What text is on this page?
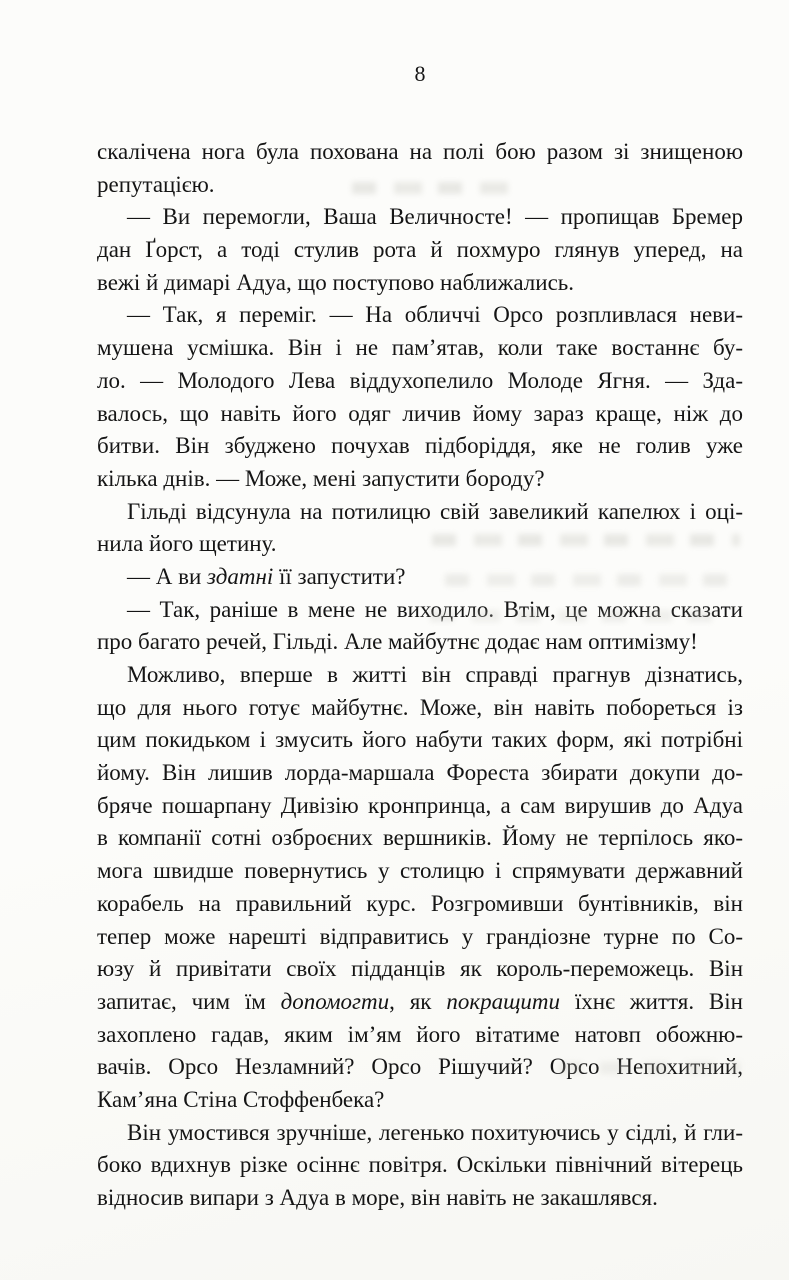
8
скалічена нога була похована на полі бою разом зі знищеною
репутацією.
— Ви перемогли, Ваша Величносте! — пропищав Бремер
дан Ґорст, а тоді стулив рота й похмуро глянув уперед, на
вежі й димарі Адуа, що поступово наближались.
— Так, я переміг. — На обличчі Орсо розпливлася неви-
мушена усмішка. Він і не пам’ятав, коли таке востаннє бу-
ло. — Молодого Лева віддухопелило Молоде Ягня. — Зда-
валось, що навіть його одяг личив йому зараз краще, ніж до
битви. Він збуджено почухав підборіддя, яке не голив уже
кілька днів. — Може, мені запустити бороду?
Гільді відсунула на потилицю свій завеликий капелюх і оці-
нила його щетину.
— А ви здатні її запустити?
— Так, раніше в мене не виходило. Втім, це можна сказати
про багато речей, Гільді. Але майбутнє додає нам оптимізму!
Можливо, вперше в житті він справді прагнув дізнатись,
що для нього готує майбутнє. Може, він навіть побореться із
цим покидьком і змусить його набути таких форм, які потрібні
йому. Він лишив лорда-маршала Фореста збирати докупи до-
бряче пошарпану Дивізію кронпринца, а сам вирушив до Адуа
в компанії сотні озброєних вершників. Йому не терпілось яко-
мога швидше повернутись у столицю і спрямувати державний
корабель на правильний курс. Розгромивши бунтівників, він
тепер може нарешті відправитись у грандіозне турне по Со-
юзу й привітати своїх підданців як король-переможець. Він
запитає, чим їм допомогти, як покращити їхнє життя. Він
захоплено гадав, яким ім’ям його вітатиме натовп обожню-
вачів. Орсо Незламний? Орсо Рішучий? Орсо Непохитний,
Кам’яна Стіна Стоффенбека?
Він умостився зручніше, легенько похитуючись у сідлі, й гли-
боко вдихнув різке осіннє повітря. Оскільки північний вітерець
відносив випари з Адуа в море, він навіть не закашлявся.
